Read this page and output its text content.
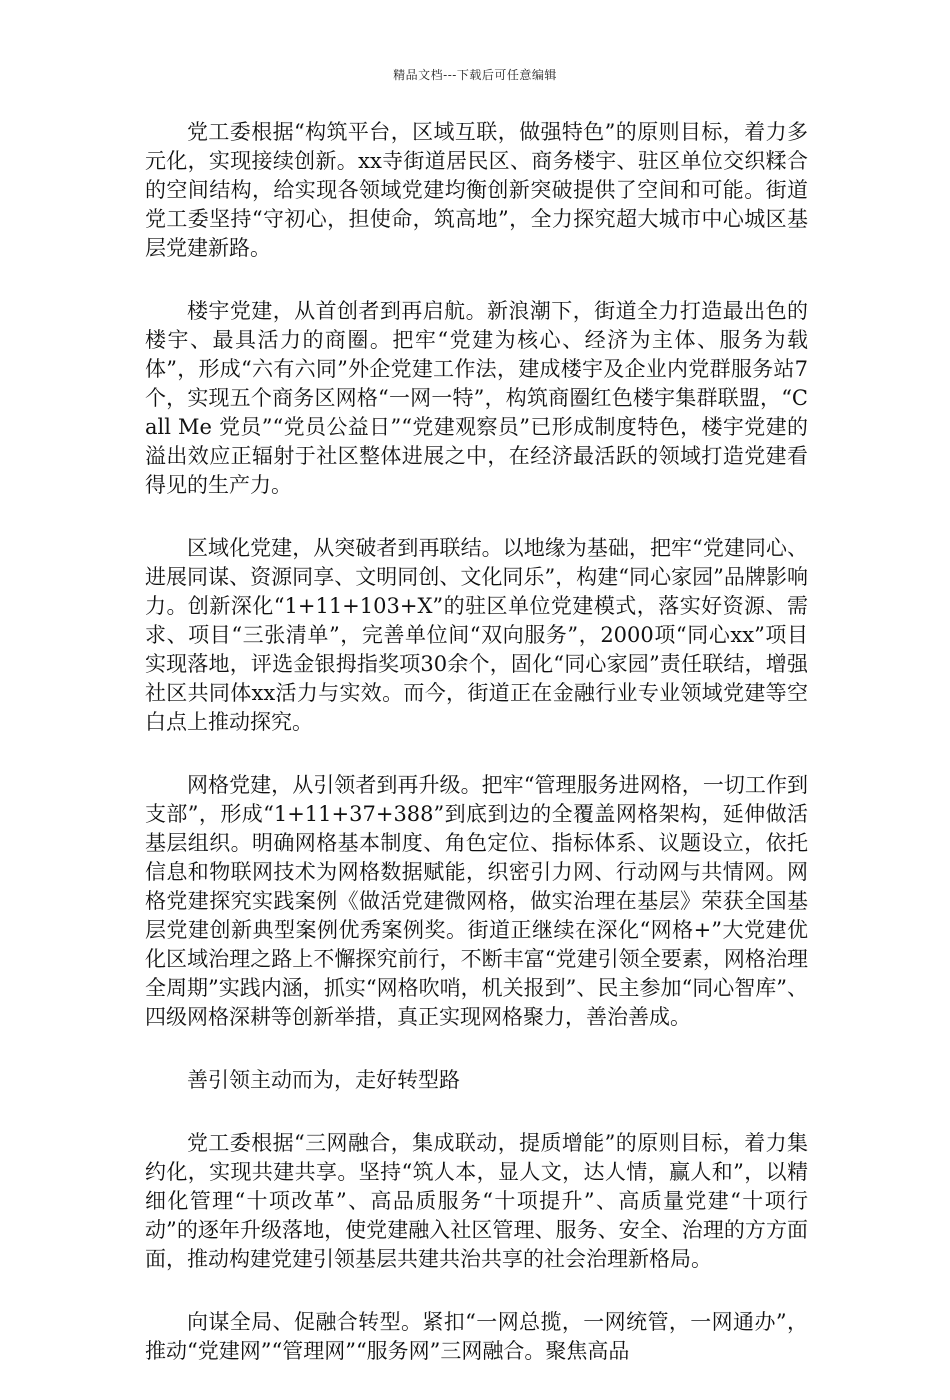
精品文档---下载后可任意编辑

党工委根据“构筑平台，区域互联，做强特色”的原则目标，着力多元化，实现接续创新。xx寺街道居民区、商务楼宇、驻区单位交织糅合的空间结构，给实现各领域党建均衡创新突破提供了空间和可能。街道党工委坚持“守初心，担使命，筑高地”，全力探究超大城市中心城区基层党建新路。

楼宇党建，从首创者到再启航。新浪潮下，街道全力打造最出色的楼宇、最具活力的商圈。把牢“党建为核心、经济为主体、服务为载体”，形成“六有六同”外企党建工作法，建成楼宇及企业内党群服务站7个，实现五个商务区网格“一网一特”，构筑商圈红色楼宇集群联盟，“Call Me 党员”“党员公益日”“党建观察员”已形成制度特色，楼宇党建的溢出效应正辐射于社区整体进展之中，在经济最活跃的领域打造党建看得见的生产力。

区域化党建，从突破者到再联结。以地缘为基础，把牢“党建同心、进展同谋、资源同享、文明同创、文化同乐”，构建“同心家园”品牌影响力。创新深化“1+11+103+X”的驻区单位党建模式，落实好资源、需求、项目“三张清单”，完善单位间“双向服务”，2000项“同心xx”项目实现落地，评选金银拇指奖项30余个，固化“同心家园”责任联结，增强社区共同体xx活力与实效。而今，街道正在金融行业专业领域党建等空白点上推动探究。

网格党建，从引领者到再升级。把牢“管理服务进网格，一切工作到支部”，形成“1+11+37+388”到底到边的全覆盖网格架构，延伸做活基层组织。明确网格基本制度、角色定位、指标体系、议题设立，依托信息和物联网技术为网格数据赋能，织密引力网、行动网与共情网。网格党建探究实践案例《做活党建微网格，做实治理在基层》荣获全国基层党建创新典型案例优秀案例奖。街道正继续在深化“网格+”大党建优化区域治理之路上不懈探究前行，不断丰富“党建引领全要素，网格治理全周期”实践内涵，抓实“网格吹哨，机关报到”、民主参加“同心智库”、四级网格深耕等创新举措，真正实现网格聚力，善治善成。

善引领主动而为，走好转型路

党工委根据“三网融合，集成联动，提质增能”的原则目标，着力集约化，实现共建共享。坚持“筑人本，显人文，达人情，赢人和”，以精细化管理“十项改革”、高品质服务“十项提升”、高质量党建“十项行动”的逐年升级落地，使党建融入社区管理、服务、安全、治理的方方面面，推动构建党建引领基层共建共治共享的社会治理新格局。

向谋全局、促融合转型。紧扣“一网总揽，一网统管，一网通办”，推动“党建网”“管理网”“服务网”三网融合。聚焦高品
